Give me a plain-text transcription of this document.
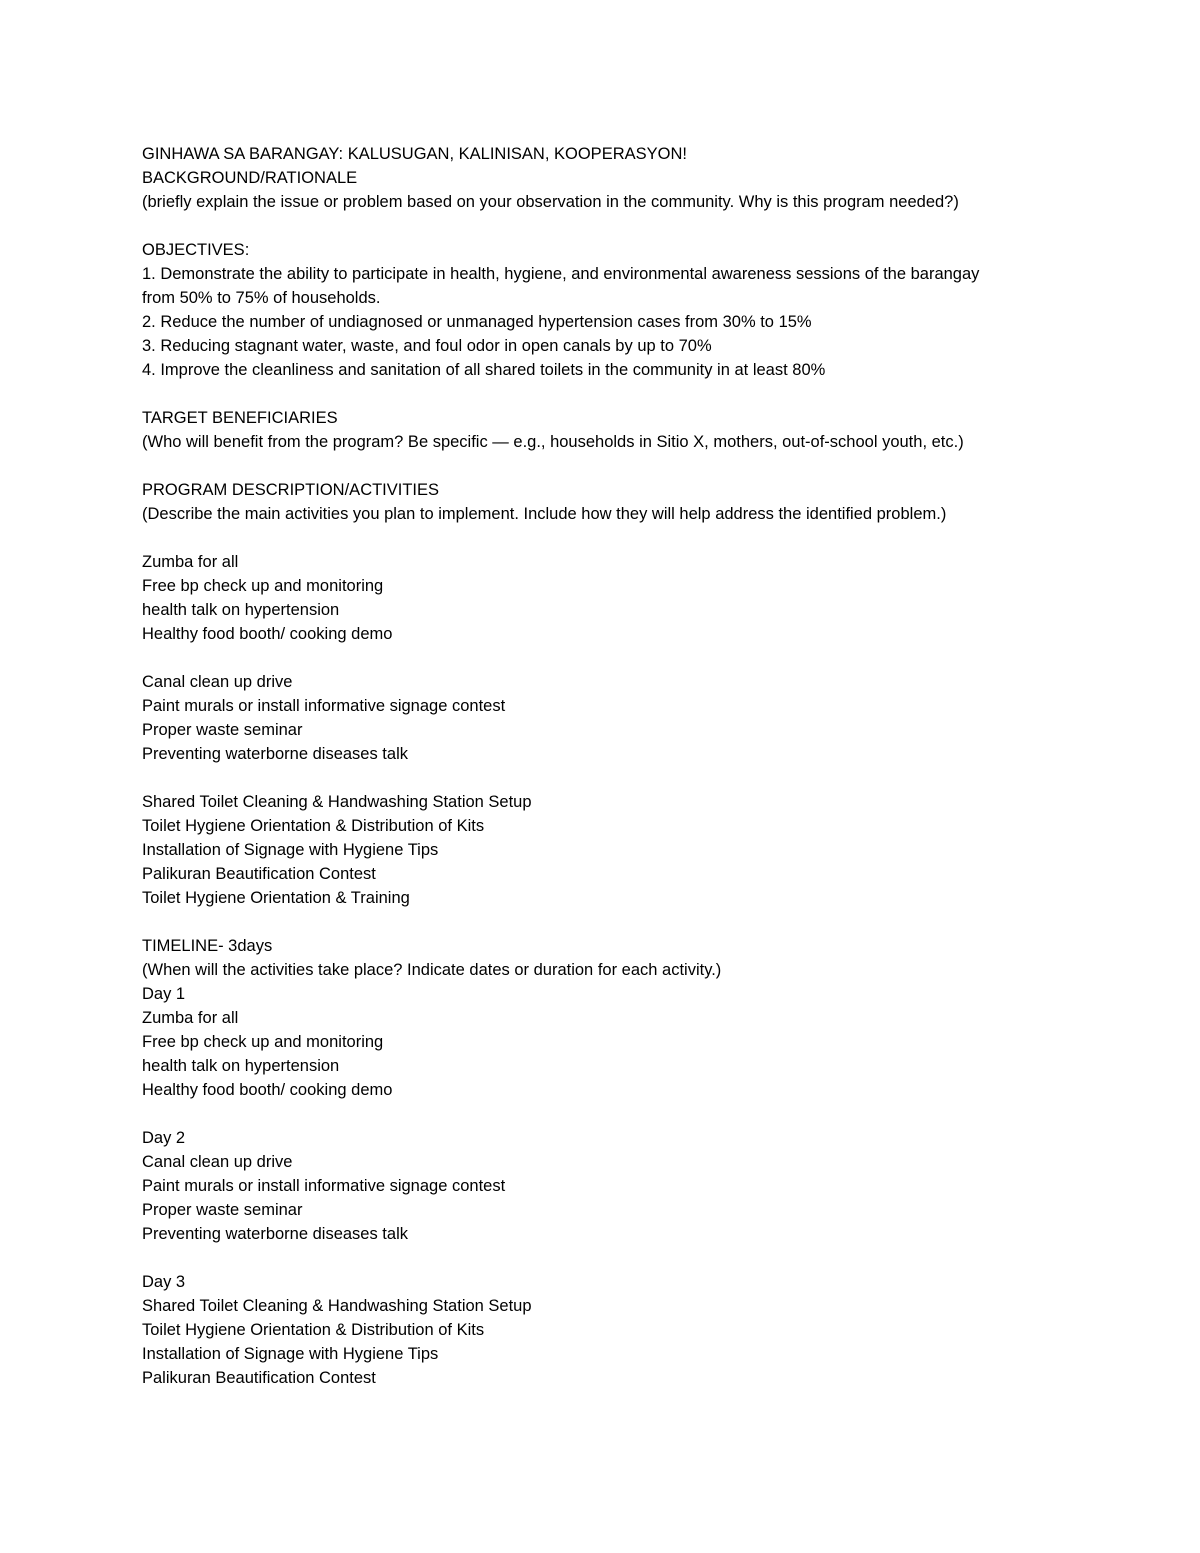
GINHAWA SA BARANGAY: KALUSUGAN, KALINISAN, KOOPERASYON!
BACKGROUND/RATIONALE
(briefly explain the issue or problem based on your observation in the community. Why is this program needed?)
OBJECTIVES:
1. Demonstrate the ability to participate in health, hygiene, and environmental awareness sessions of the barangay
from 50% to 75% of households.
2. Reduce the number of undiagnosed or unmanaged hypertension cases from 30% to 15%
3. Reducing stagnant water, waste, and foul odor in open canals by up to 70%
4. Improve the cleanliness and sanitation of all shared toilets in the community in at least 80%
TARGET BENEFICIARIES
(Who will benefit from the program? Be specific — e.g., households in Sitio X, mothers, out-of-school youth, etc.)
PROGRAM DESCRIPTION/ACTIVITIES
(Describe the main activities you plan to implement. Include how they will help address the identified problem.)
Zumba for all
Free bp check up and monitoring
health talk on hypertension
Healthy food booth/ cooking demo
Canal clean up drive
Paint murals or install informative signage contest
Proper waste seminar
Preventing waterborne diseases talk
Shared Toilet Cleaning & Handwashing Station Setup
Toilet Hygiene Orientation & Distribution of Kits
Installation of Signage with Hygiene Tips
Palikuran Beautification Contest
Toilet Hygiene Orientation & Training
TIMELINE- 3days
(When will the activities take place? Indicate dates or duration for each activity.)
Day 1
Zumba for all
Free bp check up and monitoring
health talk on hypertension
Healthy food booth/ cooking demo
Day 2
Canal clean up drive
Paint murals or install informative signage contest
Proper waste seminar
Preventing waterborne diseases talk
Day 3
Shared Toilet Cleaning & Handwashing Station Setup
Toilet Hygiene Orientation & Distribution of Kits
Installation of Signage with Hygiene Tips
Palikuran Beautification Contest
